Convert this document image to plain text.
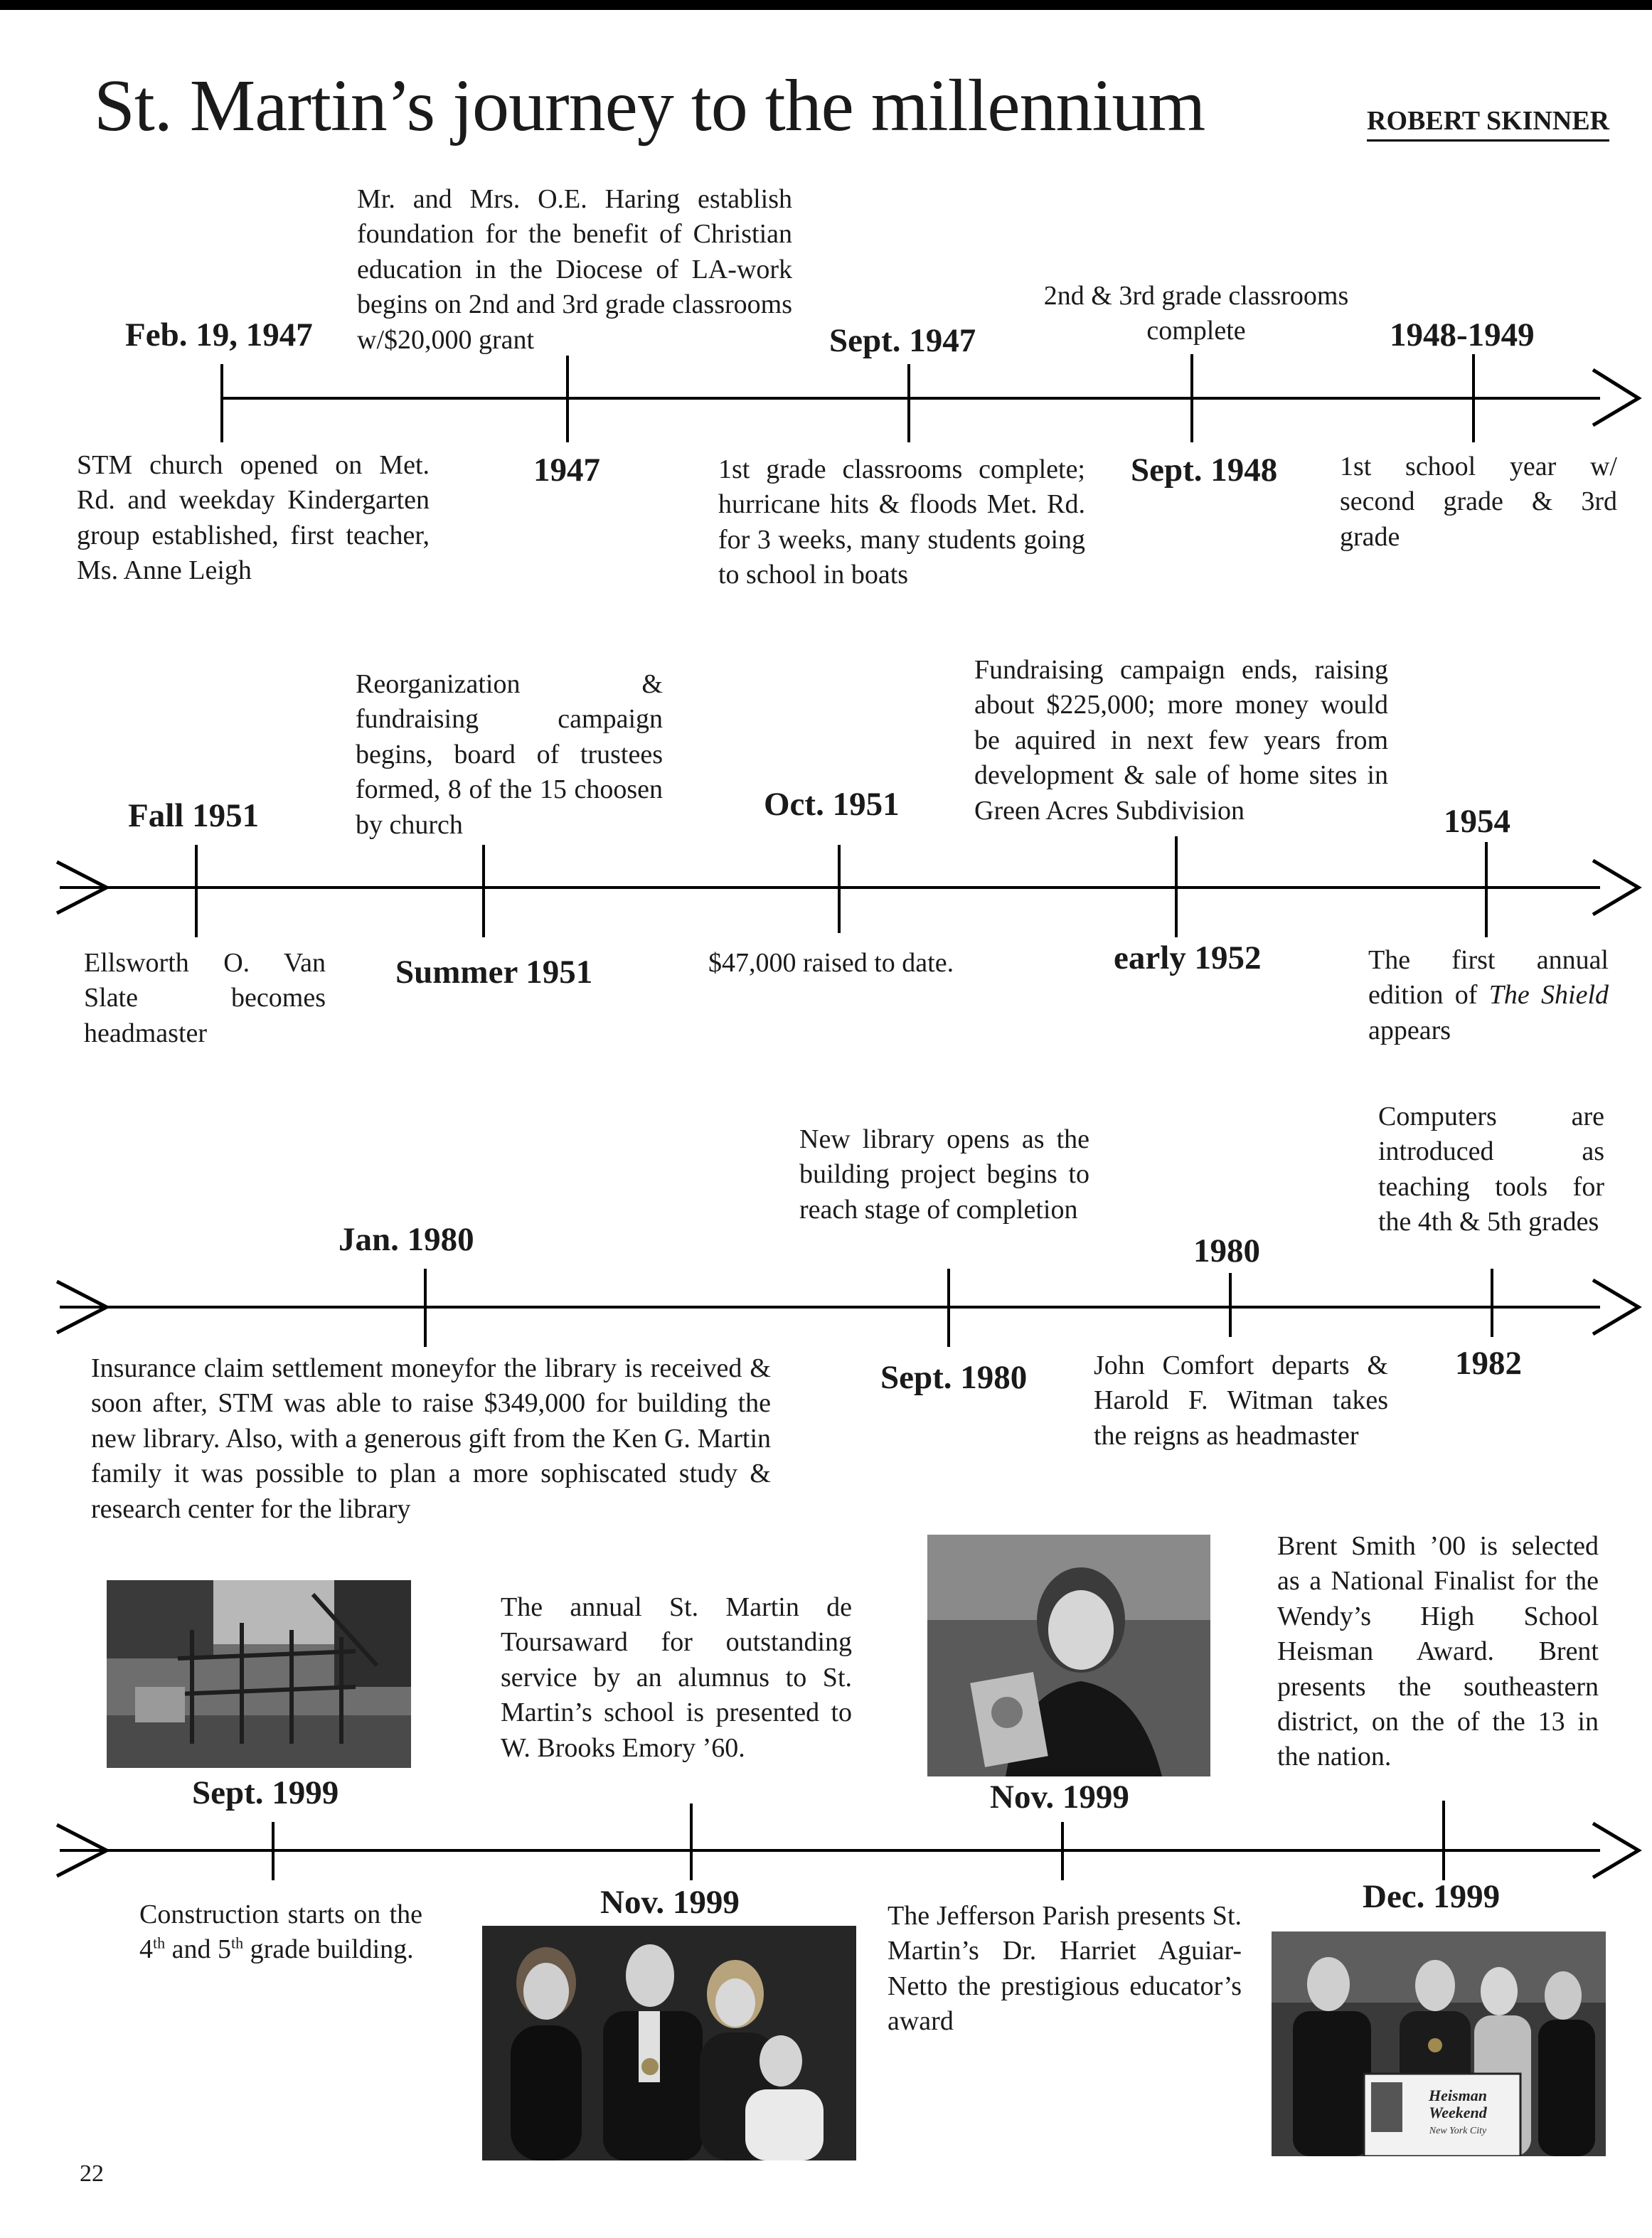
St. Martin’s journey to the millennium	ROBERT SKINNER
Mr. and Mrs. O.E. Haring establish foundation for the benefit of Christian education in the Diocese of LA-work begins on 2nd and 3rd grade classrooms w/$20,000 grant
Feb. 19, 1947	Sept. 1947
2nd & 3rd grade classrooms complete	1948-1949
STM church opened on Met. Rd. and weekday Kindergarten group established, first teacher, Ms. Anne Leigh
1947	1st grade classrooms complete; hurricane hits & floods Met. Rd. for 3 weeks, many students going to school in boats
Sept. 1948 1st school year w/ second grade & 3rd grade
Reorganization & fundraising campaign begins, board of trustees formed, 8 of the 15 choosen by church
Fall 1951	Oct. 1951
Fundraising campaign ends, raising about $225,000; more money would be aquired in next few years from development & sale of home sites in Green Acres Subdivision	1954
Ellsworth O. Van Slate becomes headmaster
Summer 1951	$47,000 raised to date.	early 1952	The first annual edition of The Shield appears
New library opens as the building project begins to reach stage of completion
Jan. 1980	1980
Computers are introduced as teaching tools for the 4th & 5th grades
Insurance claim settlement moneyfor the library is received & soon after, STM was able to raise $349,000 for building the new library. Also, with a generous gift from the Ken G. Martin family it was possible to plan a more sophiscated study & research center for the library
Sept. 1980 John Comfort departs & Harold F. Witman takes the reigns as headmaster
1982
The annual St. Martin de Toursaward for outstanding service by an alumnus to St. Martin’s school is presented to W. Brooks Emory ’60.
Brent Smith ’00 is selected as a National Finalist for the Wendy’s High School Heisman Award. Brent presents the southeastern district, on the of the 13 in the nation.
Sept. 1999	Nov. 1999
Construction starts on the 4th and 5th grade building.
Nov. 1999	The Jefferson Parish presents St. Martin’s Dr. Harriet Aguiar-Netto the prestigious educator’s award
Dec. 1999
Heisman
Weekend
New York City
22
